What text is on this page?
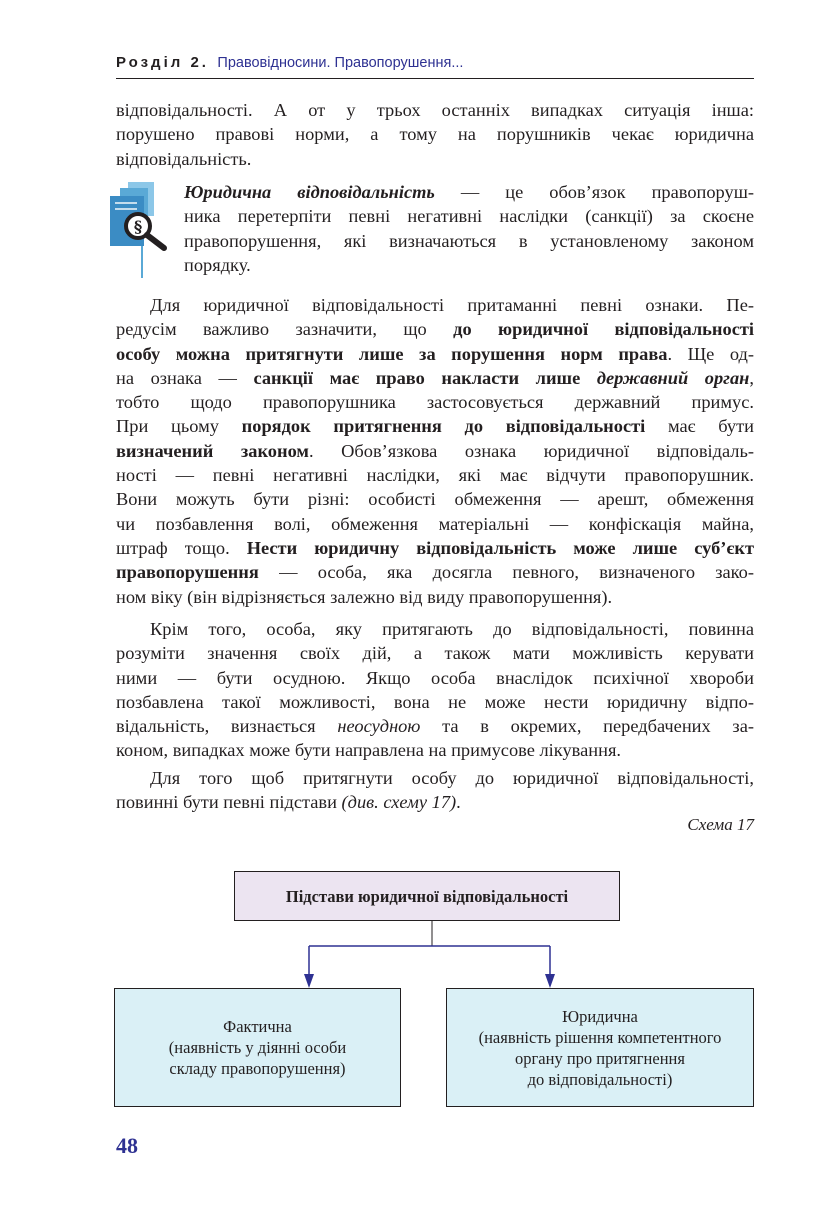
Розділ 2. Правовідносини. Правопорушення...
відповідальності. А от у трьох останніх випадках ситуація інша:
порушено правові норми, а тому на порушників чекає юридична
відповідальність.
§
Юридична відповідальність — це обов’язок правопоруш-
ника перетерпіти певні негативні наслідки (санкції) за скоєне
правопорушення, які визначаються в установленому законом
порядку.
Для юридичної відповідальності притаманні певні ознаки. Пе-
редусім важливо зазначити, що до юридичної відповідальності
особу можна притягнути лише за порушення норм права. Ще од-
на ознака — санкції має право накласти лише державний орган,
тобто щодо правопорушника застосовується державний примус.
При цьому порядок притягнення до відповідальності має бути
визначений законом. Обов’язкова ознака юридичної відповідаль-
ності — певні негативні наслідки, які має відчути правопорушник.
Вони можуть бути різні: особисті обмеження — арешт, обмеження
чи позбавлення волі, обмеження матеріальні — конфіскація майна,
штраф тощо. Нести юридичну відповідальність може лише суб’єкт
правопорушення — особа, яка досягла певного, визначеного зако-
ном віку (він відрізняється залежно від виду правопорушення).
Крім того, особа, яку притягають до відповідальності, повинна
розуміти значення своїх дій, а також мати можливість керувати
ними — бути осудною. Якщо особа внаслідок психічної хвороби
позбавлена такої можливості, вона не може нести юридичну відпо-
відальність, визнається неосудною та в окремих, передбачених за-
коном, випадках може бути направлена на примусове лікування.
Для того щоб притягнути особу до юридичної відповідальності,
повинні бути певні підстави (див. схему 17).
Схема 17
Підстави юридичної відповідальності
Фактична
(наявність у діянні особи
складу правопорушення)
Юридична
(наявність рішення компетентного
органу про притягнення
до відповідальності)
48
